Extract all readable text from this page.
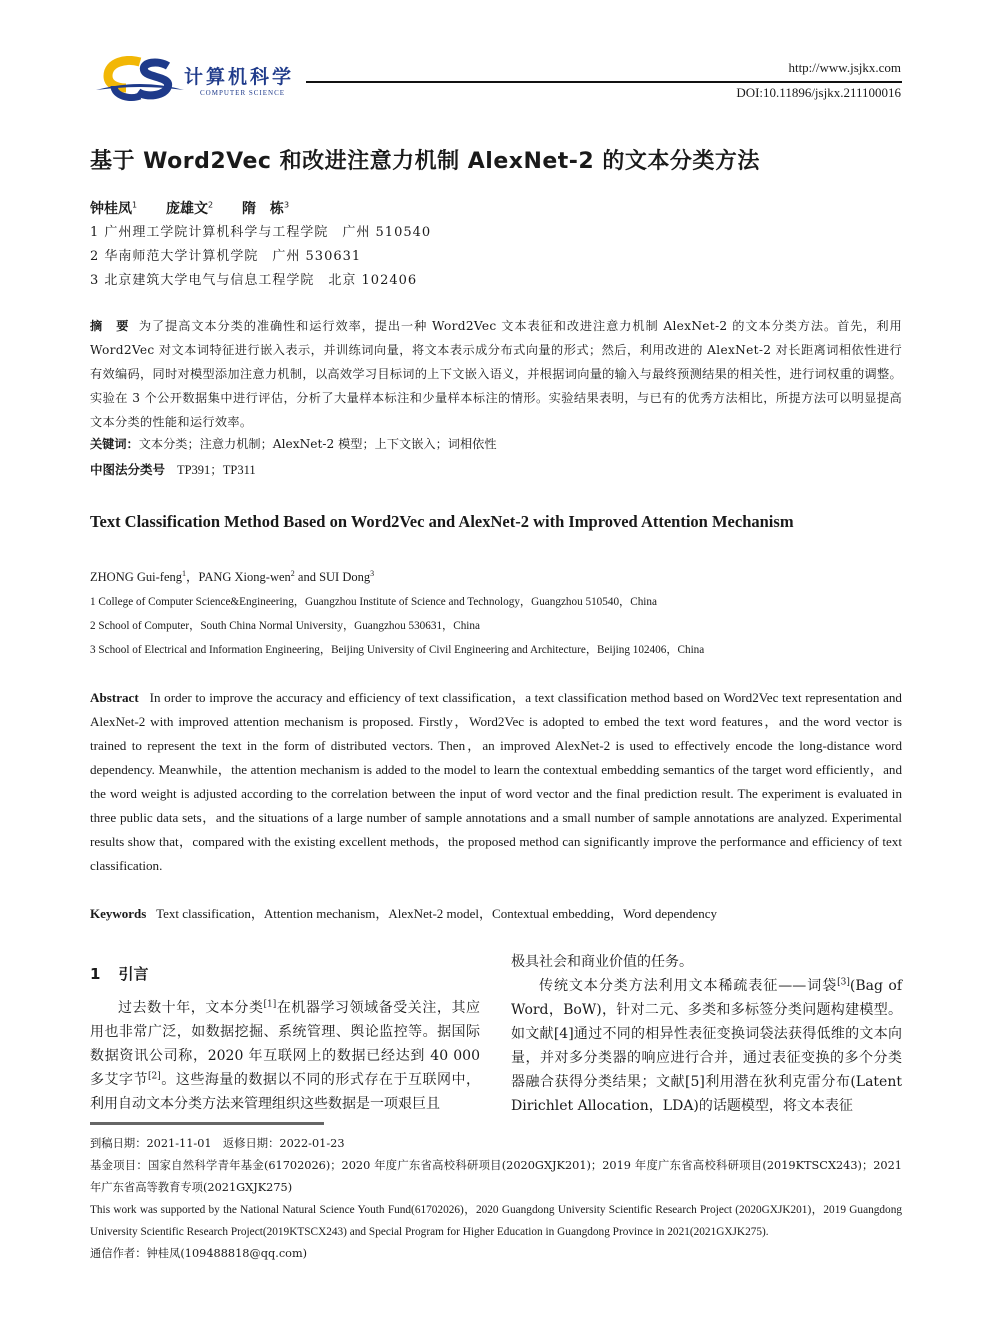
计算机科学
COMPUTER SCIENCE
http://www.jsjkx.com
DOI:10.11896/jsjkx.211100016
基于 Word2Vec 和改进注意力机制 AlexNet-2 的文本分类方法
钟桂凤$^1$ 庞雄文$^2$ 隋　栋$^3$
1 广州理工学院计算机科学与工程学院　广州 510540
2 华南师范大学计算机学院　广州 530631
3 北京建筑大学电气与信息工程学院　北京 102406
摘　要 为了提高文本分类的准确性和运行效率，提出一种 Word2Vec 文本表征和改进注意力机制 AlexNet-2 的文本分类方法。首先，利用 Word2Vec 对文本词特征进行嵌入表示，并训练词向量，将文本表示成分布式向量的形式；然后，利用改进的 AlexNet-2 对长距离词相依性进行有效编码，同时对模型添加注意力机制，以高效学习目标词的上下文嵌入语义，并根据词向量的输入与最终预测结果的相关性，进行词权重的调整。实验在 3 个公开数据集中进行评估，分析了大量样本标注和少量样本标注的情形。实验结果表明，与已有的优秀方法相比，所提方法可以明显提高文本分类的性能和运行效率。
关键词：文本分类；注意力机制；AlexNet-2 模型；上下文嵌入；词相依性
中图法分类号 TP391；TP311
Text Classification Method Based on Word2Vec and AlexNet-2 with Improved Attention Mechanism
ZHONG Gui-feng$^1$，PANG Xiong-wen$^2$ and SUI Dong$^3$
1 College of Computer Science&Engineering，Guangzhou Institute of Science and Technology，Guangzhou 510540，China
2 School of Computer，South China Normal University，Guangzhou 530631，China
3 School of Electrical and Information Engineering，Beijing University of Civil Engineering and Architecture，Beijing 102406，China
Abstract In order to improve the accuracy and efficiency of text classification，a text classification method based on Word2Vec text representation and AlexNet-2 with improved attention mechanism is proposed. Firstly，Word2Vec is adopted to embed the text word features，and the word vector is trained to represent the text in the form of distributed vectors. Then，an improved AlexNet-2 is used to effectively encode the long-distance word dependency. Meanwhile，the attention mechanism is added to the model to learn the contextual embedding semantics of the target word efficiently，and the word weight is adjusted according to the correlation between the input of word vector and the final prediction result. The experiment is evaluated in three public data sets，and the situations of a large number of sample annotations and a small number of sample annotations are analyzed. Experimental results show that，compared with the existing excellent methods，the proposed method can significantly improve the performance and efficiency of text classification.
Keywords Text classification，Attention mechanism，AlexNet-2 model，Contextual embedding，Word dependency
1 引言
过去数十年，文本分类[1]在机器学习领域备受关注，其应用也非常广泛，如数据挖掘、系统管理、舆论监控等。据国际数据资讯公司称，2020 年互联网上的数据已经达到 40 000 多艾字节[2]。这些海量的数据以不同的形式存在于互联网中，利用自动文本分类方法来管理组织这些数据是一项艰巨且
极具社会和商业价值的任务。
传统文本分类方法利用文本稀疏表征——词袋[3](Bag of Word，BoW)，针对二元、多类和多标签分类问题构建模型。如文献[4]通过不同的相异性表征变换词袋法获得低维的文本向量，并对多分类器的响应进行合并，通过表征变换的多个分类器融合获得分类结果；文献[5]利用潜在狄利克雷分布(Latent Dirichlet Allocation，LDA)的话题模型，将文本表征
到稿日期：2021-11-01　返修日期：2022-01-23
基金项目：国家自然科学青年基金(61702026)；2020 年度广东省高校科研项目(2020GXJK201)；2019 年度广东省高校科研项目(2019KTSCX243)；2021 年广东省高等教育专项(2021GXJK275)
This work was supported by the National Natural Science Youth Fund(61702026)，2020 Guangdong University Scientific Research Project (2020GXJK201)，2019 Guangdong University Scientific Research Project(2019KTSCX243) and Special Program for Higher Education in Guangdong Province in 2021(2021GXJK275).
通信作者：钟桂凤(109488818@qq.com)
